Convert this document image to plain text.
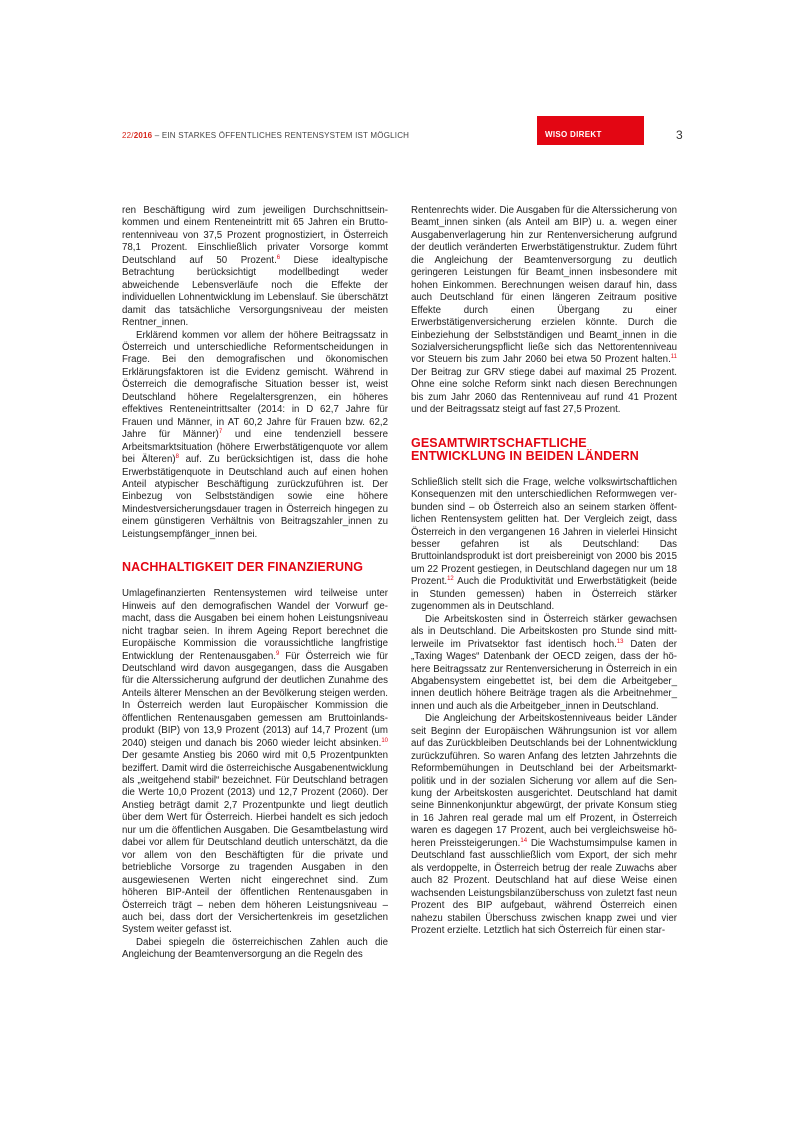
22/2016 – EIN STARKES ÖFFENTLICHES RENTENSYSTEM IST MÖGLICH	WISO DIREKT	3

ren Beschäftigung wird zum jeweiligen Durchschnittseinkommen und einem Renteneintritt mit 65 Jahren ein Bruttorentenniveau von 37,5 Prozent prognostiziert, in Österreich 78,1 Prozent. Einschließlich privater Vorsorge kommt Deutschland auf 50 Prozent.$^6$ Diese idealtypische Betrachtung berücksichtigt modellbedingt weder abweichende Lebensverläufe noch die Effekte der individuellen Lohnentwicklung im Lebenslauf. Sie überschätzt damit das tatsächliche Versorgungsniveau der meisten Rentner_innen.

Erklärend kommen vor allem der höhere Beitragssatz in Österreich und unterschiedliche Reformentscheidungen in Frage. Bei den demografischen und ökonomischen Erklärungsfaktoren ist die Evidenz gemischt. Während in Österreich die demografische Situation besser ist, weist Deutschland höhere Regelaltersgrenzen, ein höheres effektives Renteneintrittsalter (2014: in D 62,7 Jahre für Frauen und Männer, in AT 60,2 Jahre für Frauen bzw. 62,2 Jahre für Männer)$^7$ und eine tendenziell bessere Arbeitsmarktsituation (höhere Erwerbstätigenquote vor allem bei Älteren)$^8$ auf. Zu berücksichtigen ist, dass die hohe Erwerbstätigenquote in Deutschland auch auf einen hohen Anteil atypischer Beschäftigung zurückzuführen ist. Der Einbezug von Selbstständigen sowie eine höhere Mindestversicherungsdauer tragen in Österreich hingegen zu einem günstigeren Verhältnis von Beitragszahler_innen zu Leistungsempfänger_innen bei.

NACHHALTIGKEIT DER FINANZIERUNG

Umlagefinanzierten Rentensystemen wird teilweise unter Hinweis auf den demografischen Wandel der Vorwurf gemacht, dass die Ausgaben bei einem hohen Leistungsniveau nicht tragbar seien. In ihrem Ageing Report berechnet die Europäische Kommission die voraussichtliche langfristige Entwicklung der Rentenausgaben.$^9$ Für Österreich wie für Deutschland wird davon ausgegangen, dass die Ausgaben für die Alterssicherung aufgrund der deutlichen Zunahme des Anteils älterer Menschen an der Bevölkerung steigen werden. In Österreich werden laut Europäischer Kommission die öffentlichen Rentenausgaben gemessen am Bruttoinlandsprodukt (BIP) von 13,9 Prozent (2013) auf 14,7 Prozent (um 2040) steigen und danach bis 2060 wieder leicht absinken.$^{10}$ Der gesamte Anstieg bis 2060 wird mit 0,5 Prozentpunkten beziffert. Damit wird die österreichische Ausgabenentwicklung als „weitgehend stabil“ bezeichnet. Für Deutschland betragen die Werte 10,0 Prozent (2013) und 12,7 Prozent (2060). Der Anstieg beträgt damit 2,7 Prozentpunkte und liegt deutlich über dem Wert für Österreich. Hierbei handelt es sich jedoch nur um die öffentlichen Ausgaben. Die Gesamtbelastung wird dabei vor allem für Deutschland deutlich unterschätzt, da die vor allem von den Beschäftigten für die private und betriebliche Vorsorge zu tragenden Ausgaben in den ausgewiesenen Werten nicht eingerechnet sind. Zum höheren BIP-Anteil der öffentlichen Rentenausgaben in Österreich trägt – neben dem höheren Leistungsniveau – auch bei, dass dort der Versichertenkreis im gesetzlichen System weiter gefasst ist.

Dabei spiegeln die österreichischen Zahlen auch die Angleichung der Beamtenversorgung an die Regeln des

Rentenrechts wider. Die Ausgaben für die Alterssicherung von Beamt_innen sinken (als Anteil am BIP) u. a. wegen einer Ausgabenverlagerung hin zur Rentenversicherung aufgrund der deutlich veränderten Erwerbstätigenstruktur. Zudem führt die Angleichung der Beamtenversorgung zu deutlich geringeren Leistungen für Beamt_innen insbesondere mit hohen Einkommen. Berechnungen weisen darauf hin, dass auch Deutschland für einen längeren Zeitraum positive Effekte durch einen Übergang zu einer Erwerbstätigenversicherung erzielen könnte. Durch die Einbeziehung der Selbstständigen und Beamt_innen in die Sozialversicherungspflicht ließe sich das Nettorentenniveau vor Steuern bis zum Jahr 2060 bei etwa 50 Prozent halten.$^{11}$ Der Beitrag zur GRV stiege dabei auf maximal 25 Prozent. Ohne eine solche Reform sinkt nach diesen Berechnungen bis zum Jahr 2060 das Rentenniveau auf rund 41 Prozent und der Beitragssatz steigt auf fast 27,5 Prozent.

GESAMTWIRTSCHAFTLICHE ENTWICKLUNG IN BEIDEN LÄNDERN

Schließlich stellt sich die Frage, welche volkswirtschaftlichen Konsequenzen mit den unterschiedlichen Reformwegen verbunden sind – ob Österreich also an seinem starken öffentlichen Rentensystem gelitten hat. Der Vergleich zeigt, dass Österreich in den vergangenen 16 Jahren in vielerlei Hinsicht besser gefahren ist als Deutschland: Das Bruttoinlandsprodukt ist dort preisbereinigt von 2000 bis 2015 um 22 Prozent gestiegen, in Deutschland dagegen nur um 18 Prozent.$^{12}$ Auch die Produktivität und Erwerbstätigkeit (beide in Stunden gemessen) haben in Österreich stärker zugenommen als in Deutschland.

Die Arbeitskosten sind in Österreich stärker gewachsen als in Deutschland. Die Arbeitskosten pro Stunde sind mittlerweile im Privatsektor fast identisch hoch.$^{13}$ Daten der „Taxing Wages“ Datenbank der OECD zeigen, dass der höhere Beitragssatz zur Rentenversicherung in Österreich in ein Abgabensystem eingebettet ist, bei dem die Arbeitgeber_ innen deutlich höhere Beiträge tragen als die Arbeitnehmer_ innen und auch als die Arbeitgeber_innen in Deutschland.

Die Angleichung der Arbeitskostenniveaus beider Länder seit Beginn der Europäischen Währungsunion ist vor allem auf das Zurückbleiben Deutschlands bei der Lohnentwicklung zurückzuführen. So waren Anfang des letzten Jahrzehnts die Reformbemühungen in Deutschland bei der Arbeitsmarktpolitik und in der sozialen Sicherung vor allem auf die Senkung der Arbeitskosten ausgerichtet. Deutschland hat damit seine Binnenkonjunktur abgewürgt, der private Konsum stieg in 16 Jahren real gerade mal um elf Prozent, in Österreich waren es dagegen 17 Prozent, auch bei vergleichsweise höheren Preissteigerungen.$^{14}$ Die Wachstumsimpulse kamen in Deutschland fast ausschließlich vom Export, der sich mehr als verdoppelte, in Österreich betrug der reale Zuwachs aber auch 82 Prozent. Deutschland hat auf diese Weise einen wachsenden Leistungsbilanzüberschuss von zuletzt fast neun Prozent des BIP aufgebaut, während Österreich einen nahezu stabilen Überschuss zwischen knapp zwei und vier Prozent erzielte. Letztlich hat sich Österreich für einen star-
